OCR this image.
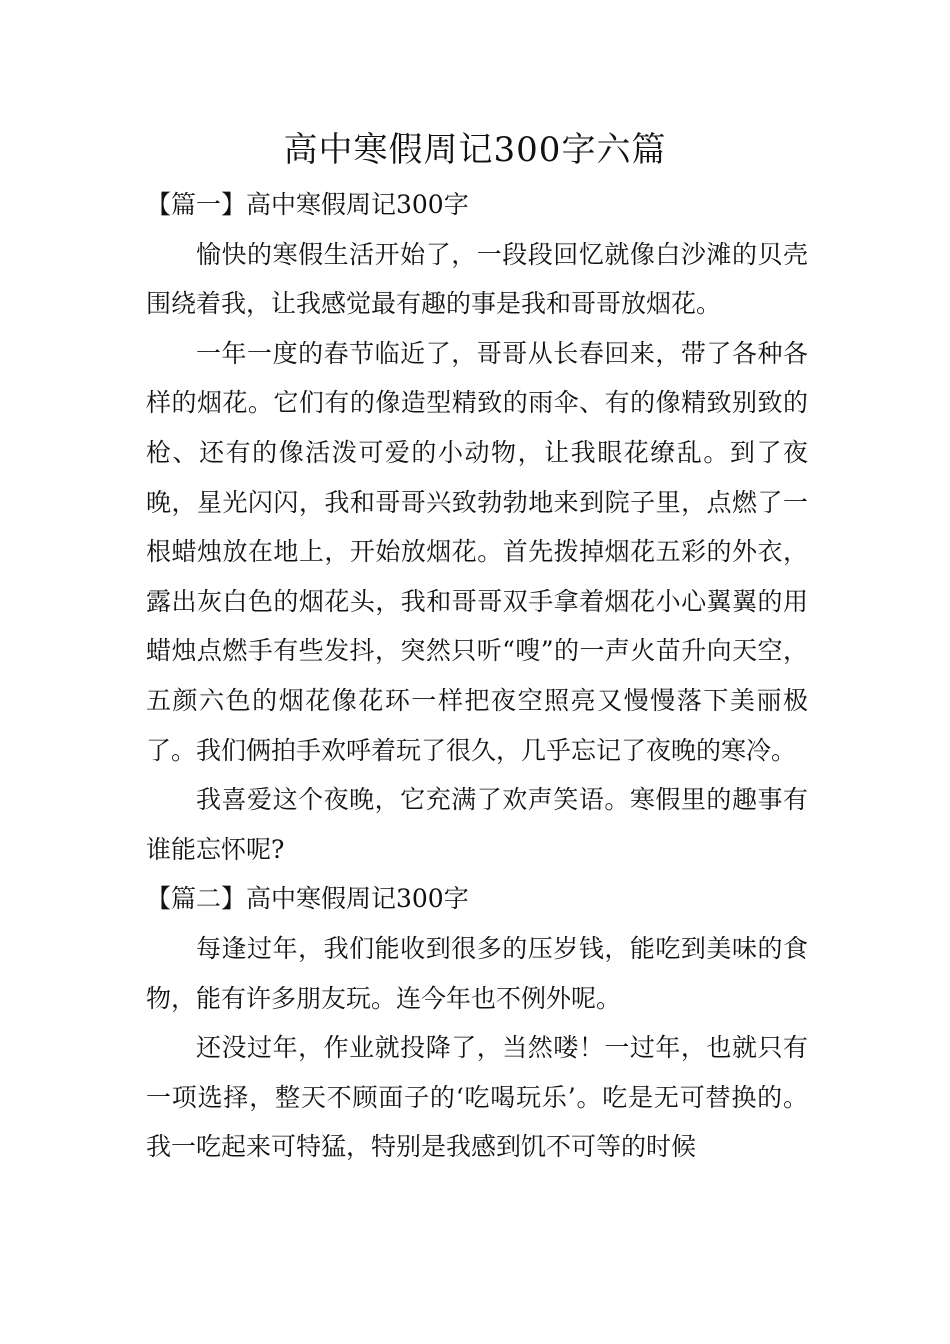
高中寒假周记300字六篇
【篇一】高中寒假周记300字

愉快的寒假生活开始了，一段段回忆就像白沙滩的贝壳围绕着我，让我感觉最有趣的事是我和哥哥放烟花。

一年一度的春节临近了，哥哥从长春回来，带了各种各样的烟花。它们有的像造型精致的雨伞、有的像精致别致的枪、还有的像活泼可爱的小动物，让我眼花缭乱。到了夜晚，星光闪闪，我和哥哥兴致勃勃地来到院子里，点燃了一根蜡烛放在地上，开始放烟花。首先拨掉烟花五彩的外衣，露出灰白色的烟花头，我和哥哥双手拿着烟花小心翼翼的用蜡烛点燃手有些发抖，突然只听“嗖”的一声火苗升向天空，五颜六色的烟花像花环一样把夜空照亮又慢慢落下美丽极了。我们俩拍手欢呼着玩了很久，几乎忘记了夜晚的寒冷。

我喜爱这个夜晚，它充满了欢声笑语。寒假里的趣事有谁能忘怀呢?

【篇二】高中寒假周记300字

每逢过年，我们能收到很多的压岁钱，能吃到美味的食物，能有许多朋友玩。连今年也不例外呢。

还没过年，作业就投降了，当然喽！一过年，也就只有一项选择，整天不顾面子的‘吃喝玩乐’。吃是无可替换的。我一吃起来可特猛，特别是我感到饥不可等的时候
